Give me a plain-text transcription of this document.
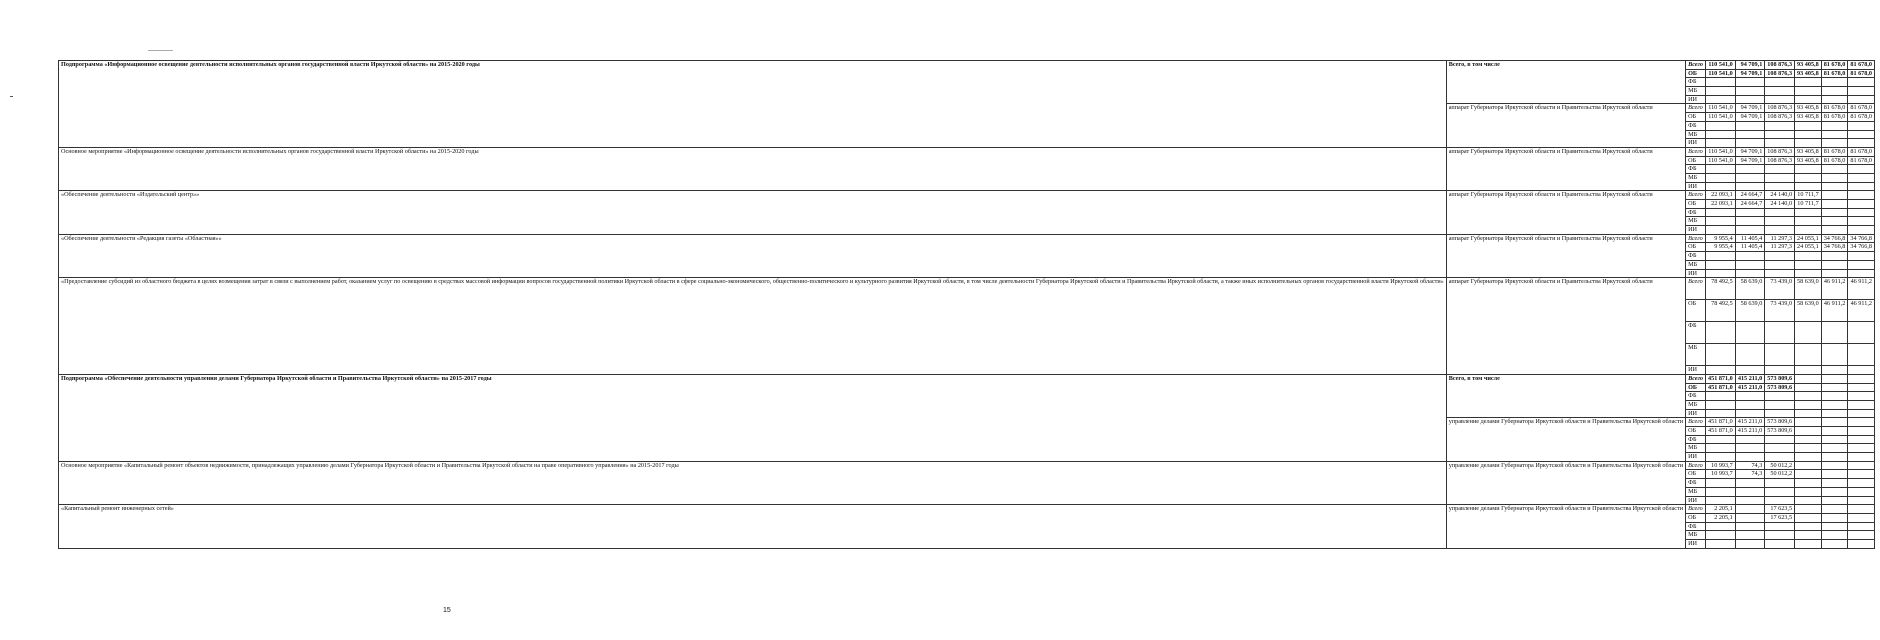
Подпрограмма «Информационное освещение деятельности исполнительных органов государственной власти Иркутской области» на 2015-2020 годы	Всего, в том числе	Всего	110 541,0	94 709,1	108 876,3	93 405,8	81 678,0	81 678,0	
		ОБ	110 541,0	94 709,1	108 876,3	93 405,8	81 678,0	81 678,0	
		ФБ							
		МБ							
		ИИ							
	аппарат Губернатора Иркутской области и Правительства Иркутской области	Всего	110 541,0	94 709,1	108 876,3	93 405,8	81 678,0	81 678,0	
		ОБ	110 541,0	94 709,1	108 876,3	93 405,8	81 678,0	81 678,0	
		ФБ							
		МБ							
		ИИ							
Основное мероприятие «Информационное освещение деятельности исполнительных органов государственной власти Иркутской области» на 2015-2020 годы	аппарат Губернатора Иркутской области и Правительства Иркутской области	Всего	110 541,0	94 709,1	108 876,3	93 405,8	81 678,0	81 678,0	
		ОБ	110 541,0	94 709,1	108 876,3	93 405,8	81 678,0	81 678,0	
		ФБ							
		МБ							
		ИИ							
«Обеспечение деятельности «Издательский центр»»	аппарат Губернатора Иркутской области и Правительства Иркутской области	Всего	22 093,1	24 664,7	24 140,0	10 711,7			
		ОБ	22 093,1	24 664,7	24 140,0	10 711,7			
		ФБ							
		МБ							
		ИИ							
«Обеспечение деятельности «Редакция газеты «Областная»»	аппарат Губернатора Иркутской области и Правительства Иркутской области	Всего	9 955,4	11 405,4	11 297,3	24 055,1	34 766,8	34 766,8	
		ОБ	9 955,4	11 405,4	11 297,3	24 055,1	34 766,8	34 766,8	
		ФБ							
		МБ							
		ИИ							
«Предоставление субсидий из областного бюджета в целях возмещения затрат в связи с выполнением работ, оказанием услуг по освещению в средствах массовой информации вопросов государственной политики Иркутской области в сфере социально-экономического, общественно-политического и культурного развития Иркутской области, в том числе деятельности Губернатора Иркутской области и Правительства Иркутской области, а также иных исполнительных органов государственной власти Иркутской области»	аппарат Губернатора Иркутской области и Правительства Иркутской области	Всего	78 492,5	58 639,0	73 439,0	58 639,0	46 911,2	46 911,2	
		ОБ	78 492,5	58 639,0	73 439,0	58 639,0	46 911,2	46 911,2	
		ФБ							
		МБ							
		ИИ							
Подпрограмма «Обеспечение деятельности управления делами Губернатора Иркутской области и Правительства Иркутской области» на 2015-2017 годы	Всего, в том числе	Всего	451 871,0	415 211,0	573 809,6				
		ОБ	451 871,0	415 211,0	573 809,6				
		ФБ							
		МБ							
		ИИ							
	управление делами Губернатора Иркутской области и Правительства Иркутской области	Всего	451 871,0	415 211,0	573 809,6				
		ОБ	451 871,0	415 211,0	573 809,6				
		ФБ							
		МБ							
		ИИ							
Основное мероприятие «Капитальный ремонт объектов недвижимости, принадлежащих управлению делами Губернатора Иркутской области и Правительства Иркутской области на праве оперативного управления» на 2015-2017 годы	управление делами Губернатора Иркутской области и Правительства Иркутской области	Всего	10 993,7	74,3	50 012,2				
		ОБ	10 993,7	74,3	50 012,2				
		ФБ							
		МБ							
		ИИ							
«Капитальный ремонт инженерных сетей»	управление делами Губернатора Иркутской области и Правительства Иркутской области	Всего	2 205,1		17 623,5				
		ОБ	2 205,1		17 623,5				
		ФБ							
		МБ							
		ИИ							
15
